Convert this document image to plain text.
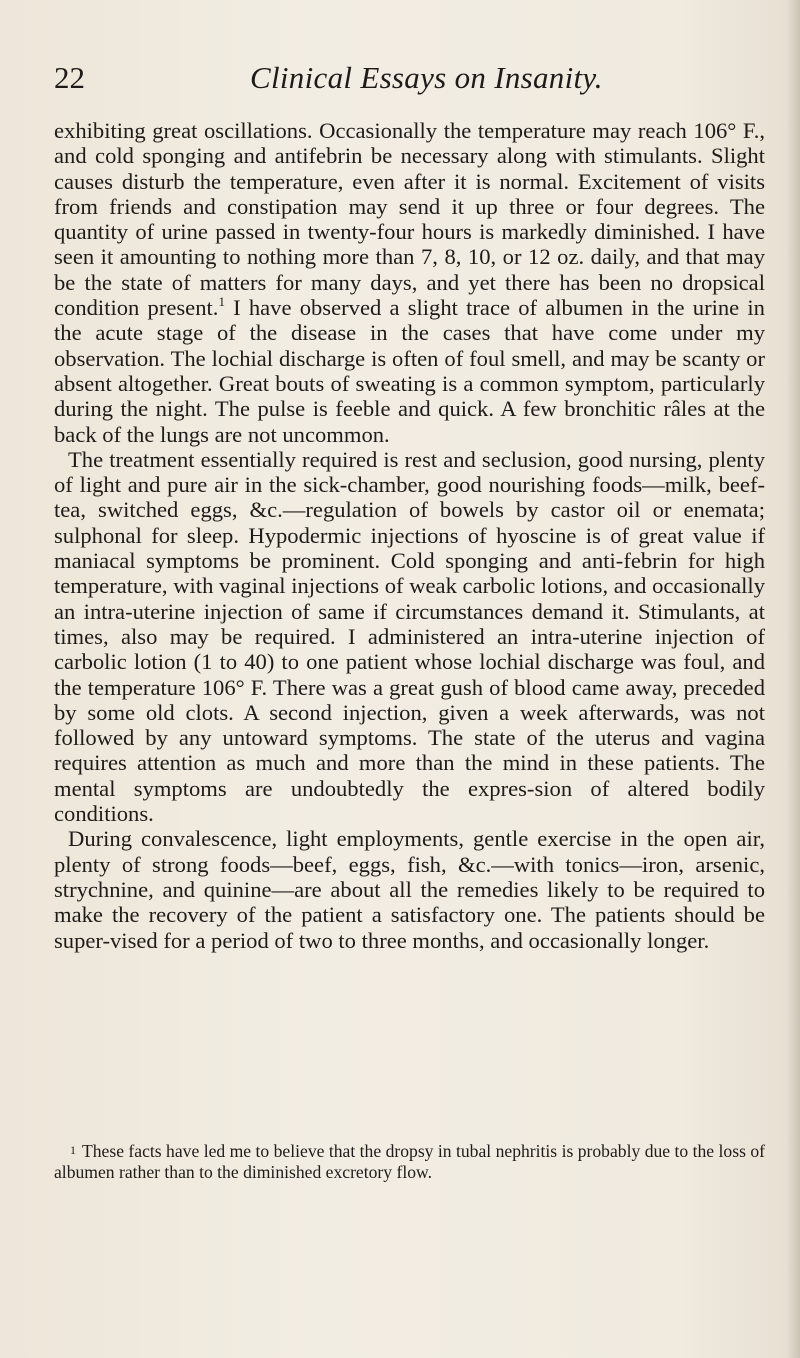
22	Clinical Essays on Insanity.

exhibiting great oscillations. Occasionally the temperature may reach 106° F., and cold sponging and antifebrin be necessary along with stimulants. Slight causes disturb the temperature, even after it is normal. Excitement of visits from friends and constipation may send it up three or four degrees. The quantity of urine passed in twenty-four hours is markedly diminished. I have seen it amounting to nothing more than 7, 8, 10, or 12 oz. daily, and that may be the state of matters for many days, and yet there has been no dropsical condition present.$^1$ I have observed a slight trace of albumen in the urine in the acute stage of the disease in the cases that have come under my observation. The lochial discharge is often of foul smell, and may be scanty or absent altogether. Great bouts of sweating is a common symptom, particularly during the night. The pulse is feeble and quick. A few bronchitic râles at the back of the lungs are not uncommon.

The treatment essentially required is rest and seclusion, good nursing, plenty of light and pure air in the sick-chamber, good nourishing foods—milk, beef-tea, switched eggs, &c.—regulation of bowels by castor oil or enemata; sulphonal for sleep. Hypodermic injections of hyoscine is of great value if maniacal symptoms be prominent. Cold sponging and anti-febrin for high temperature, with vaginal injections of weak carbolic lotions, and occasionally an intra-uterine injection of same if circumstances demand it. Stimulants, at times, also may be required. I administered an intra-uterine injection of carbolic lotion (1 to 40) to one patient whose lochial discharge was foul, and the temperature 106° F. There was a great gush of blood came away, preceded by some old clots. A second injection, given a week afterwards, was not followed by any untoward symptoms. The state of the uterus and vagina requires attention as much and more than the mind in these patients. The mental symptoms are undoubtedly the expres-sion of altered bodily conditions.

During convalescence, light employments, gentle exercise in the open air, plenty of strong foods—beef, eggs, fish, &c.—with tonics—iron, arsenic, strychnine, and quinine—are about all the remedies likely to be required to make the recovery of the patient a satisfactory one. The patients should be super-vised for a period of two to three months, and occasionally longer.

1 These facts have led me to believe that the dropsy in tubal nephritis is probably due to the loss of albumen rather than to the diminished excretory flow.
